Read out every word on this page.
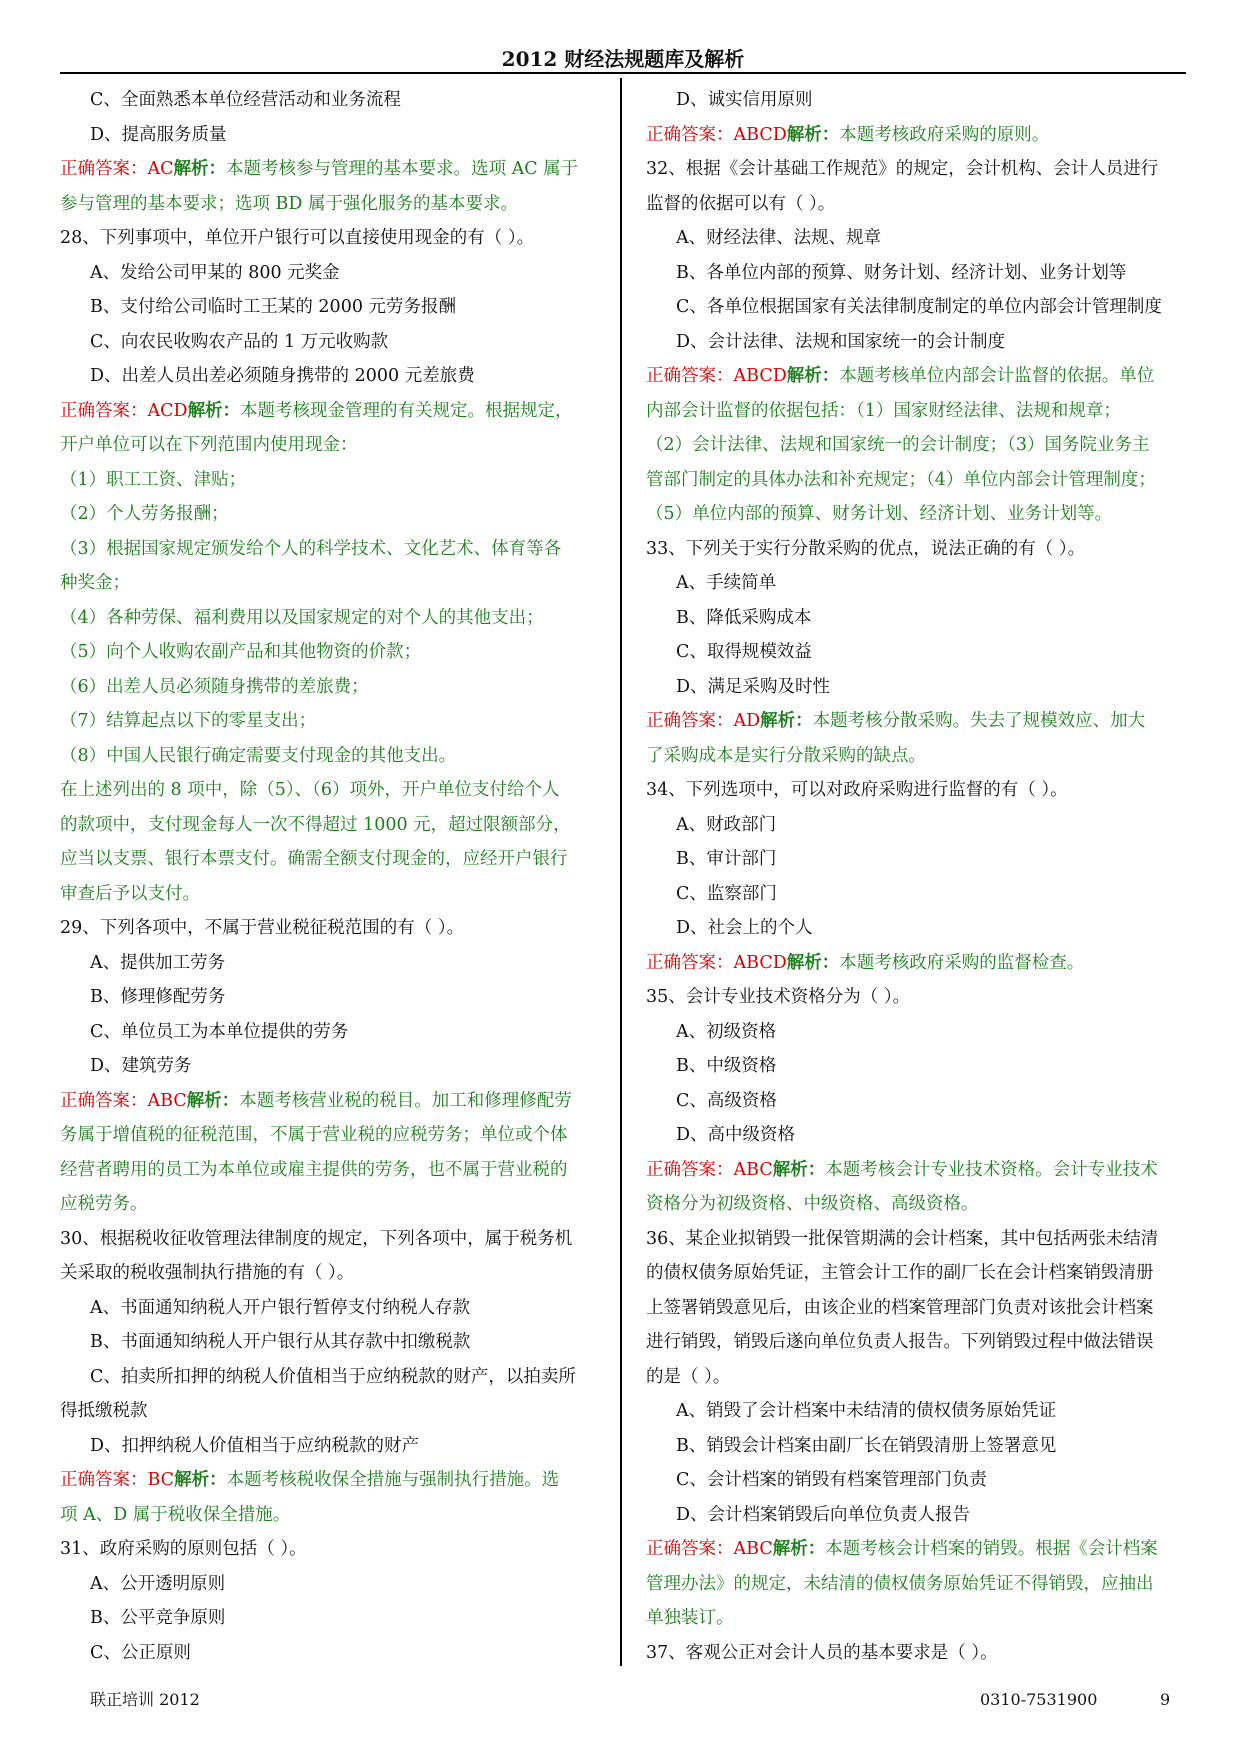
2012 财经法规题库及解析
C、全面熟悉本单位经营活动和业务流程
D、提高服务质量
正确答案：AC解析：本题考核参与管理的基本要求。选项 AC 属于
参与管理的基本要求；选项 BD 属于强化服务的基本要求。
28、下列事项中，单位开户银行可以直接使用现金的有（ ）。
A、发给公司甲某的 800 元奖金
B、支付给公司临时工王某的 2000 元劳务报酬
C、向农民收购农产品的 1 万元收购款
D、出差人员出差必须随身携带的 2000 元差旅费
正确答案：ACD解析：本题考核现金管理的有关规定。根据规定，
开户单位可以在下列范围内使用现金：
（1）职工工资、津贴；
（2）个人劳务报酬；
（3）根据国家规定颁发给个人的科学技术、文化艺术、体育等各
种奖金；
（4）各种劳保、福利费用以及国家规定的对个人的其他支出；
（5）向个人收购农副产品和其他物资的价款；
（6）出差人员必须随身携带的差旅费；
（7）结算起点以下的零星支出；
（8）中国人民银行确定需要支付现金的其他支出。
在上述列出的 8 项中，除（5）、（6）项外，开户单位支付给个人
的款项中，支付现金每人一次不得超过 1000 元，超过限额部分，
应当以支票、银行本票支付。确需全额支付现金的，应经开户银行
审查后予以支付。
29、下列各项中，不属于营业税征税范围的有（ ）。
A、提供加工劳务
B、修理修配劳务
C、单位员工为本单位提供的劳务
D、建筑劳务
正确答案：ABC解析：本题考核营业税的税目。加工和修理修配劳
务属于增值税的征税范围，不属于营业税的应税劳务；单位或个体
经营者聘用的员工为本单位或雇主提供的劳务，也不属于营业税的
应税劳务。
30、根据税收征收管理法律制度的规定，下列各项中，属于税务机
关采取的税收强制执行措施的有（ ）。
A、书面通知纳税人开户银行暂停支付纳税人存款
B、书面通知纳税人开户银行从其存款中扣缴税款
C、拍卖所扣押的纳税人价值相当于应纳税款的财产，以拍卖所
得抵缴税款
D、扣押纳税人价值相当于应纳税款的财产
正确答案：BC解析：本题考核税收保全措施与强制执行措施。选
项 A、D 属于税收保全措施。
31、政府采购的原则包括（ ）。
A、公开透明原则
B、公平竞争原则
C、公正原则
D、诚实信用原则
正确答案：ABCD解析：本题考核政府采购的原则。
32、根据《会计基础工作规范》的规定，会计机构、会计人员进行
监督的依据可以有（ ）。
A、财经法律、法规、规章
B、各单位内部的预算、财务计划、经济计划、业务计划等
C、各单位根据国家有关法律制度制定的单位内部会计管理制度
D、会计法律、法规和国家统一的会计制度
正确答案：ABCD解析：本题考核单位内部会计监督的依据。单位
内部会计监督的依据包括：（1）国家财经法律、法规和规章；
（2）会计法律、法规和国家统一的会计制度；（3）国务院业务主
管部门制定的具体办法和补充规定；（4）单位内部会计管理制度；
（5）单位内部的预算、财务计划、经济计划、业务计划等。
33、下列关于实行分散采购的优点，说法正确的有（ ）。
A、手续简单
B、降低采购成本
C、取得规模效益
D、满足采购及时性
正确答案：AD解析：本题考核分散采购。失去了规模效应、加大
了采购成本是实行分散采购的缺点。
34、下列选项中，可以对政府采购进行监督的有（ ）。
A、财政部门
B、审计部门
C、监察部门
D、社会上的个人
正确答案：ABCD解析：本题考核政府采购的监督检查。
35、会计专业技术资格分为（ ）。
A、初级资格
B、中级资格
C、高级资格
D、高中级资格
正确答案：ABC解析：本题考核会计专业技术资格。会计专业技术
资格分为初级资格、中级资格、高级资格。
36、某企业拟销毁一批保管期满的会计档案，其中包括两张未结清
的债权债务原始凭证，主管会计工作的副厂长在会计档案销毁清册
上签署销毁意见后，由该企业的档案管理部门负责对该批会计档案
进行销毁，销毁后遂向单位负责人报告。下列销毁过程中做法错误
的是（ ）。
A、销毁了会计档案中未结清的债权债务原始凭证
B、销毁会计档案由副厂长在销毁清册上签署意见
C、会计档案的销毁有档案管理部门负责
D、会计档案销毁后向单位负责人报告
正确答案：ABC解析：本题考核会计档案的销毁。根据《会计档案
管理办法》的规定，未结清的债权债务原始凭证不得销毁，应抽出
单独装订。
37、客观公正对会计人员的基本要求是（ ）。
联正培训 2012	0310-7531900	9
